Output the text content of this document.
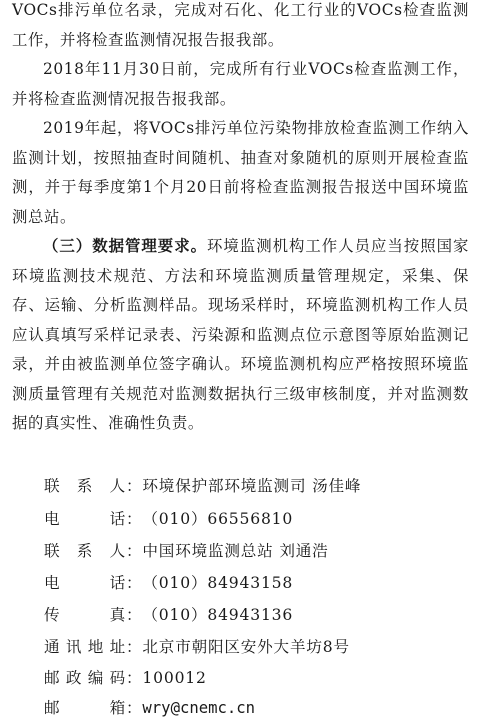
VOCs排污单位名录，完成对石化、化工行业的VOCs检查监测工作，并将检查监测情况报告报我部。

2018年11月30日前，完成所有行业VOCs检查监测工作，并将检查监测情况报告报我部。

2019年起，将VOCs排污单位污染物排放检查监测工作纳入监测计划，按照抽查时间随机、抽查对象随机的原则开展检查监测，并于每季度第1个月20日前将检查监测报告报送中国环境监测总站。

（三）数据管理要求。环境监测机构工作人员应当按照国家环境监测技术规范、方法和环境监测质量管理规定，采集、保存、运输、分析监测样品。现场采样时，环境监测机构工作人员应认真填写采样记录表、污染源和监测点位示意图等原始监测记录，并由被监测单位签字确认。环境监测机构应严格按照环境监测质量管理有关规范对监测数据执行三级审核制度，并对监测数据的真实性、准确性负责。

联系人：环境保护部环境监测司 汤佳峰
电话：（010）66556810
联系人：中国环境监测总站 刘通浩
电话：（010）84943158
传真：（010）84943136
通讯地址：北京市朝阳区安外大羊坊8号
邮政编码：100012
邮箱：wry@cnemc.cn
